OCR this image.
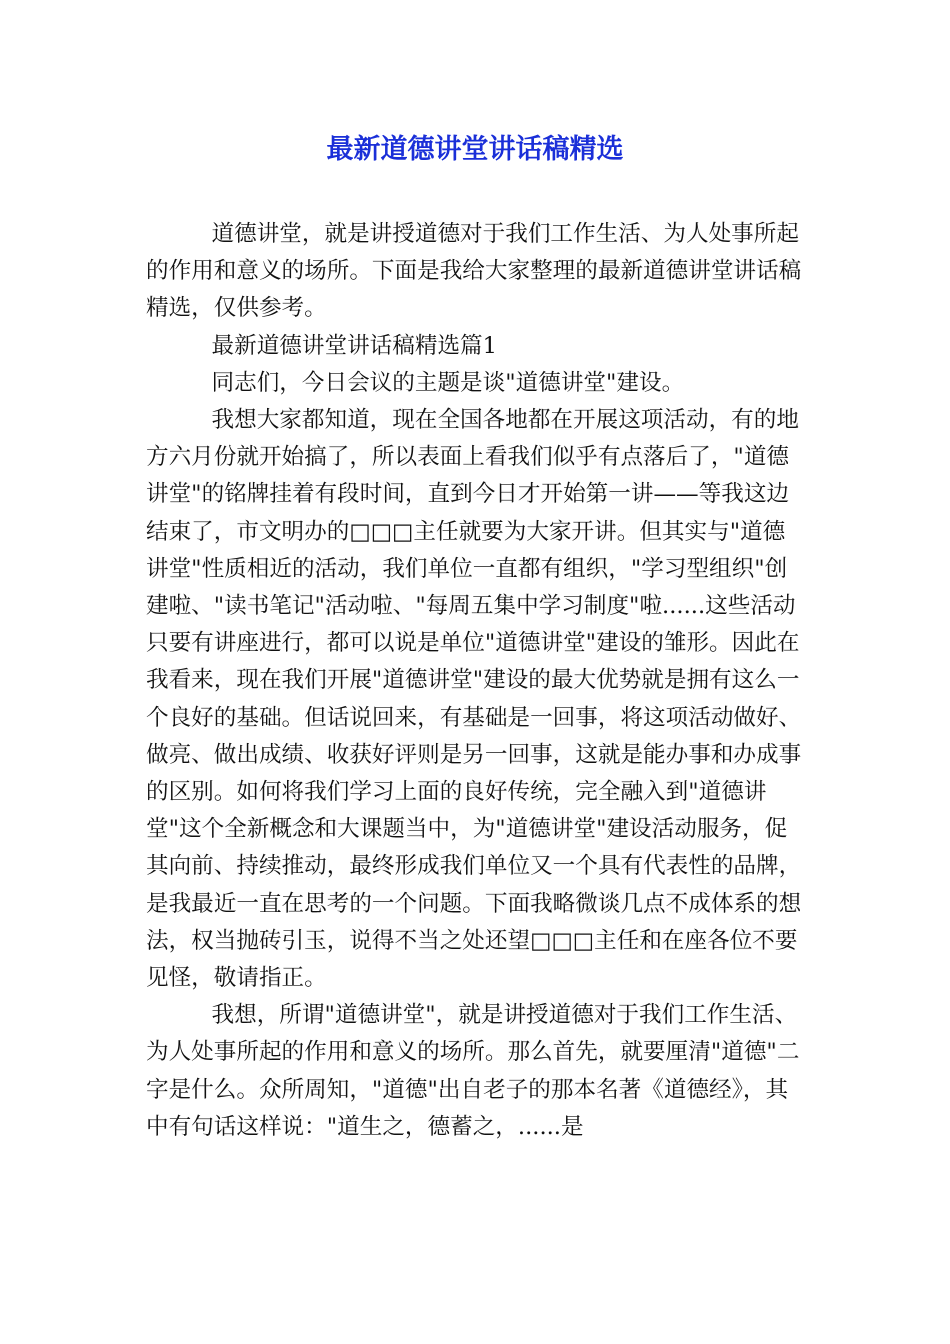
最新道德讲堂讲话稿精选

道德讲堂，就是讲授道德对于我们工作生活、为人处事所起的作用和意义的场所。下面是我给大家整理的最新道德讲堂讲话稿精选，仅供参考。

最新道德讲堂讲话稿精选篇1

同志们，今日会议的主题是谈"道德讲堂"建设。

我想大家都知道，现在全国各地都在开展这项活动，有的地方六月份就开始搞了，所以表面上看我们似乎有点落后了，"道德讲堂"的铭牌挂着有段时间，直到今日才开始第一讲——等我这边结束了，市文明办的□□□主任就要为大家开讲。但其实与"道德讲堂"性质相近的活动，我们单位一直都有组织，"学习型组织"创建啦、"读书笔记"活动啦、"每周五集中学习制度"啦......这些活动只要有讲座进行，都可以说是单位"道德讲堂"建设的雏形。因此在我看来，现在我们开展"道德讲堂"建设的最大优势就是拥有这么一个良好的基础。但话说回来，有基础是一回事，将这项活动做好、做亮、做出成绩、收获好评则是另一回事，这就是能办事和办成事的区别。如何将我们学习上面的良好传统，完全融入到"道德讲堂"这个全新概念和大课题当中，为"道德讲堂"建设活动服务，促其向前、持续推动，最终形成我们单位又一个具有代表性的品牌，是我最近一直在思考的一个问题。下面我略微谈几点不成体系的想法，权当抛砖引玉，说得不当之处还望□□□主任和在座各位不要见怪，敬请指正。

我想，所谓"道德讲堂"，就是讲授道德对于我们工作生活、为人处事所起的作用和意义的场所。那么首先，就要厘清"道德"二字是什么。众所周知，"道德"出自老子的那本名著《道德经》，其中有句话这样说："道生之，德蓄之，......是
